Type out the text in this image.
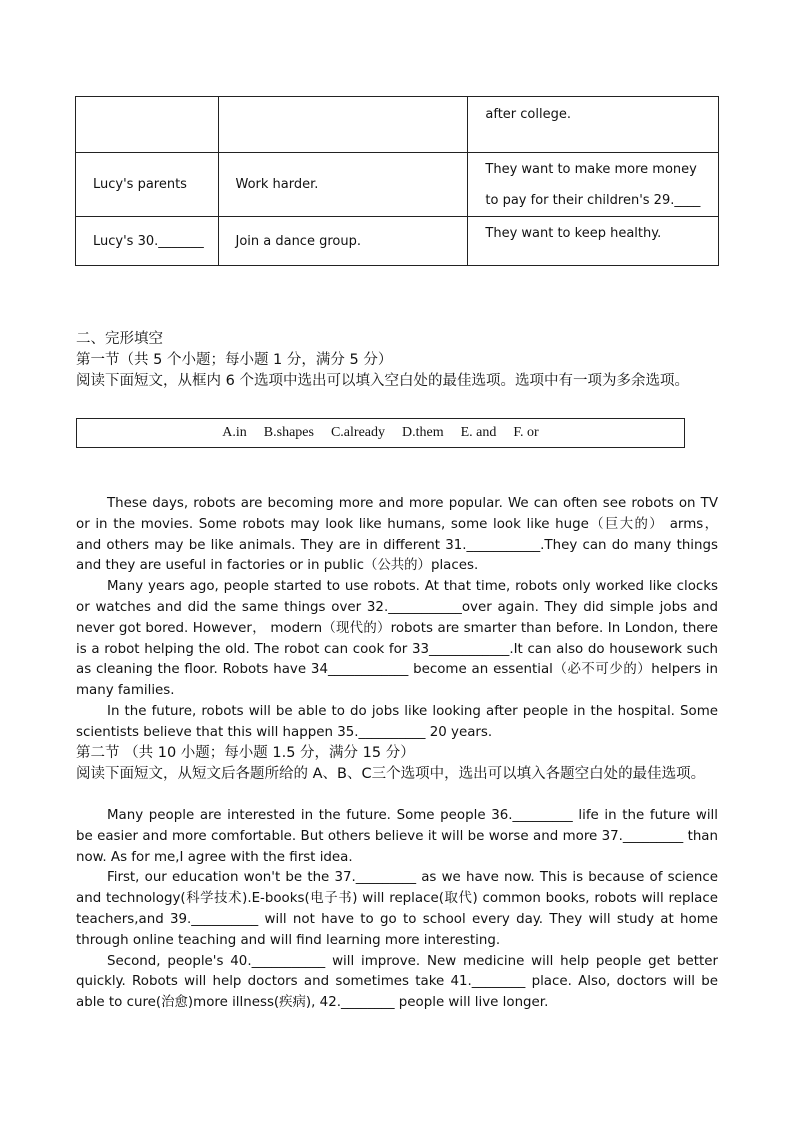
		after college.

Lucy's parents	Work harder.	They want to make more money
to pay for their children's 29.____

Lucy's 30._______	Join a dance group.	They want to keep healthy.
二、完形填空
第一节（共 5 个小题；每小题 1 分，满分 5 分）
阅读下面短文，从框内 6 个选项中选出可以填入空白处的最佳选项。选项中有一项为多余选项。
A.in B.shapes C.already D.them E. and F. or

These days, robots are becoming more and more popular. We can often see robots on TV or in the movies. Some robots may look like humans, some look like huge（巨大的） arms， and others may be like animals. They are in different 31.___________.They can do many things and they are useful in factories or in public（公共的）places.

Many years ago, people started to use robots. At that time, robots only worked like clocks or watches and did the same things over 32.___________over again. They did simple jobs and never got bored. However， modern（现代的）robots are smarter than before. In London, there is a robot helping the old. The robot can cook for 33____________.It can also do housework such as cleaning the floor. Robots have 34____________ become an essential（必不可少的）helpers in many families.

In the future, robots will be able to do jobs like looking after people in the hospital. Some scientists believe that this will happen 35.__________ 20 years.

第二节 （共 10 小题；每小题 1.5 分，满分 15 分）
阅读下面短文，从短文后各题所给的 A、B、C三个选项中，选出可以填入各题空白处的最佳选项。

Many people are interested in the future. Some people 36._________ life in the future will be easier and more comfortable. But others believe it will be worse and more 37._________ than now. As for me,I agree with the first idea.

First, our education won't be the 37._________ as we have now. This is because of science and technology(科学技术).E-books(电子书) will replace(取代) common books, robots will replace teachers,and 39.__________ will not have to go to school every day. They will study at home through online teaching and will find learning more interesting.

Second, people's 40.___________ will improve. New medicine will help people get better quickly. Robots will help doctors and sometimes take 41.________ place. Also, doctors will be able to cure(治愈)more illness(疾病), 42.________ people will live longer.
